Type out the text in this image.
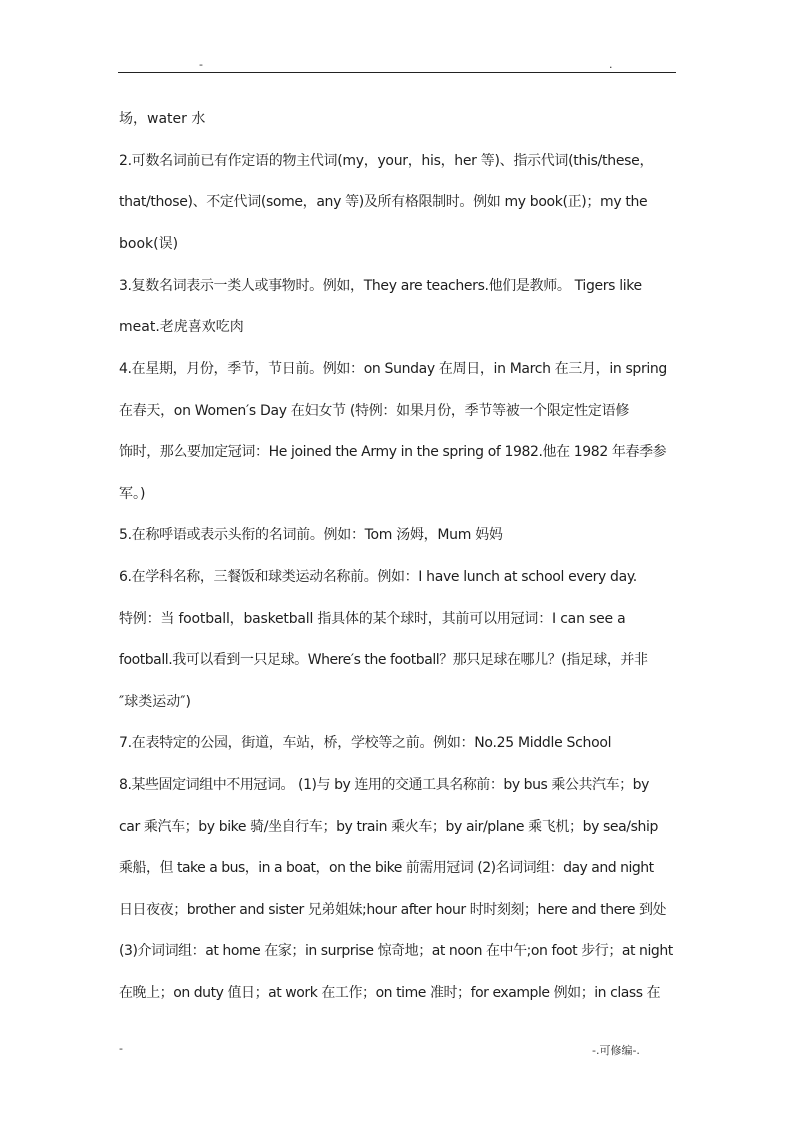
-	.
场，water 水
2.可数名词前已有作定语的物主代词(my，your，his，her 等)、指示代词(this/these，
that/those)、不定代词(some，any 等)及所有格限制时。例如 my book(正)；my the
book(误)
3.复数名词表示一类人或事物时。例如，They are teachers.他们是教师。 Tigers like
meat.老虎喜欢吃肉
4.在星期，月份，季节，节日前。例如：on Sunday 在周日，in March 在三月，in spring
在春天，on Women′s Day 在妇女节 (特例：如果月份，季节等被一个限定性定语修
饰时，那么要加定冠词：He joined the Army in the spring of 1982.他在 1982 年春季参
军。)
5.在称呼语或表示头衔的名词前。例如：Tom 汤姆，Mum 妈妈
6.在学科名称，三餐饭和球类运动名称前。例如：I have lunch at school every day.
特例：当 football，basketball 指具体的某个球时，其前可以用冠词：I can see a
football.我可以看到一只足球。Where′s the football？那只足球在哪儿？(指足球，并非
″球类运动″)
7.在表特定的公园，街道，车站，桥，学校等之前。例如：No.25 Middle School
8.某些固定词组中不用冠词。 (1)与 by 连用的交通工具名称前：by bus 乘公共汽车；by
car 乘汽车；by bike 骑/坐自行车；by train 乘火车；by air/plane 乘飞机；by sea/ship
乘船，但 take a bus，in a boat，on the bike 前需用冠词 (2)名词词组：day and night
日日夜夜；brother and sister 兄弟姐妹;hour after hour 时时刻刻；here and there 到处
(3)介词词组：at home 在家；in surprise 惊奇地；at noon 在中午;on foot 步行；at night
在晚上；on duty 值日；at work 在工作；on time 准时；for example 例如；in class 在
-	-.可修编-.
